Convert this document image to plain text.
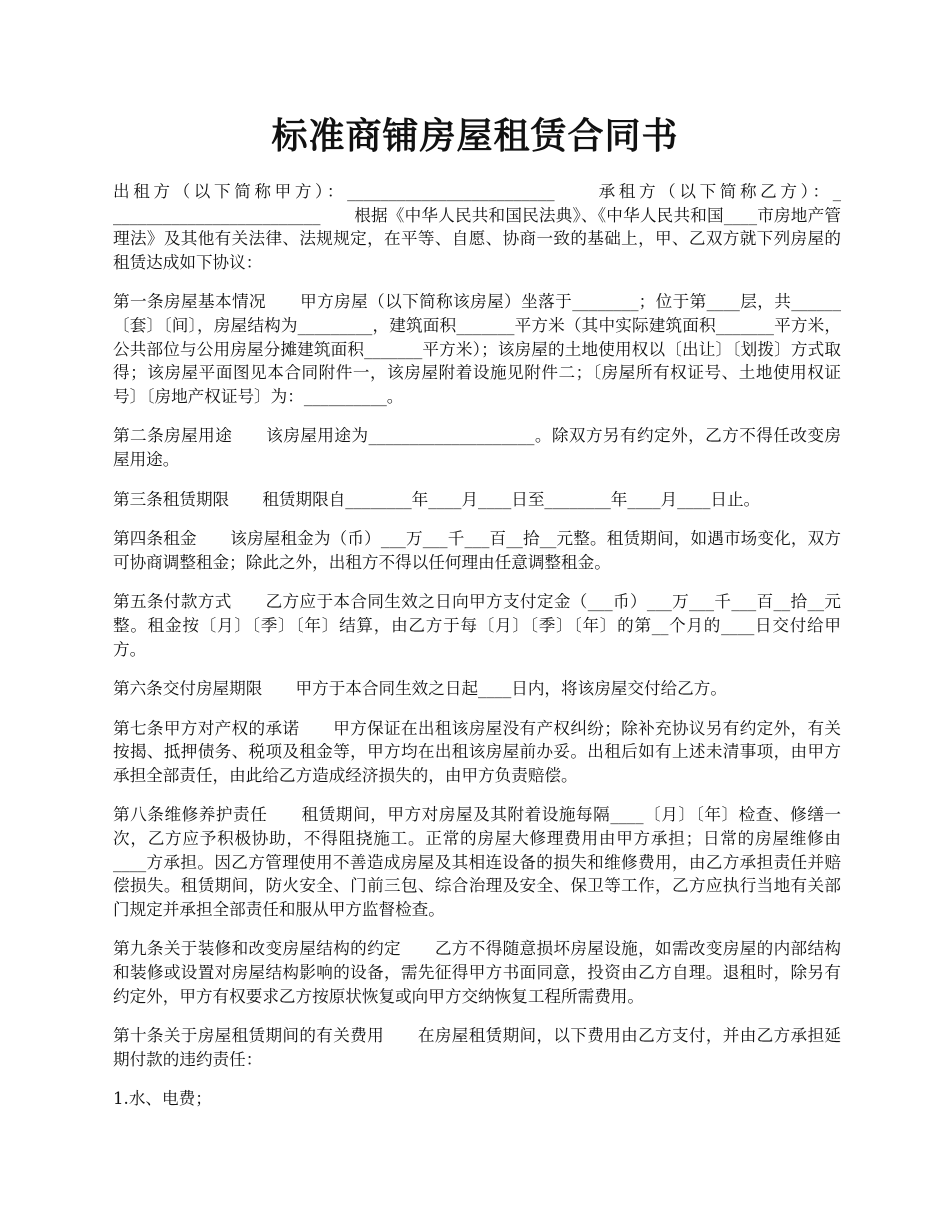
标准商铺房屋租赁合同书

出租方（以下简称甲方）：_________________________　　承租方（以下简称乙方）：_ _________________________　　根据《中华人民共和国民法典》、《中华人民共和国____市房地产管理法》及其他有关法律、法规规定，在平等、自愿、协商一致的基础上，甲、乙双方就下列房屋的租赁达成如下协议：

第一条房屋基本情况　　甲方房屋（以下简称该房屋）坐落于________；位于第____层，共______〔套〕〔间〕，房屋结构为_________，建筑面积_______平方米（其中实际建筑面积_______平方米，公共部位与公用房屋分摊建筑面积_______平方米）；该房屋的土地使用权以〔出让〕〔划拨〕方式取得；该房屋平面图见本合同附件一，该房屋附着设施见附件二；〔房屋所有权证号、土地使用权证号〕〔房地产权证号〕为：__________。

第二条房屋用途　　该房屋用途为____________________。除双方另有约定外，乙方不得任改变房屋用途。

第三条租赁期限　　租赁期限自________年____月____日至________年____月____日止。

第四条租金　　该房屋租金为（币）___万___千___百__拾__元整。租赁期间，如遇市场变化，双方可协商调整租金；除此之外，出租方不得以任何理由任意调整租金。

第五条付款方式　　乙方应于本合同生效之日向甲方支付定金（___币）___万___千___百__拾__元整。租金按〔月〕〔季〕〔年〕结算，由乙方于每〔月〕〔季〕〔年〕的第__个月的____日交付给甲方。

第六条交付房屋期限　　甲方于本合同生效之日起____日内，将该房屋交付给乙方。

第七条甲方对产权的承诺　　甲方保证在出租该房屋没有产权纠纷；除补充协议另有约定外，有关按揭、抵押债务、税项及租金等，甲方均在出租该房屋前办妥。出租后如有上述未清事项，由甲方承担全部责任，由此给乙方造成经济损失的，由甲方负责赔偿。

第八条维修养护责任　　租赁期间，甲方对房屋及其附着设施每隔____〔月〕〔年〕检查、修缮一次，乙方应予积极协助，不得阻挠施工。正常的房屋大修理费用由甲方承担；日常的房屋维修由____方承担。因乙方管理使用不善造成房屋及其相连设备的损失和维修费用，由乙方承担责任并赔偿损失。租赁期间，防火安全、门前三包、综合治理及安全、保卫等工作，乙方应执行当地有关部门规定并承担全部责任和服从甲方监督检查。

第九条关于装修和改变房屋结构的约定　　乙方不得随意损坏房屋设施，如需改变房屋的内部结构和装修或设置对房屋结构影响的设备，需先征得甲方书面同意，投资由乙方自理。退租时，除另有约定外，甲方有权要求乙方按原状恢复或向甲方交纳恢复工程所需费用。

第十条关于房屋租赁期间的有关费用　　在房屋租赁期间，以下费用由乙方支付，并由乙方承担延期付款的违约责任：

1.水、电费；
